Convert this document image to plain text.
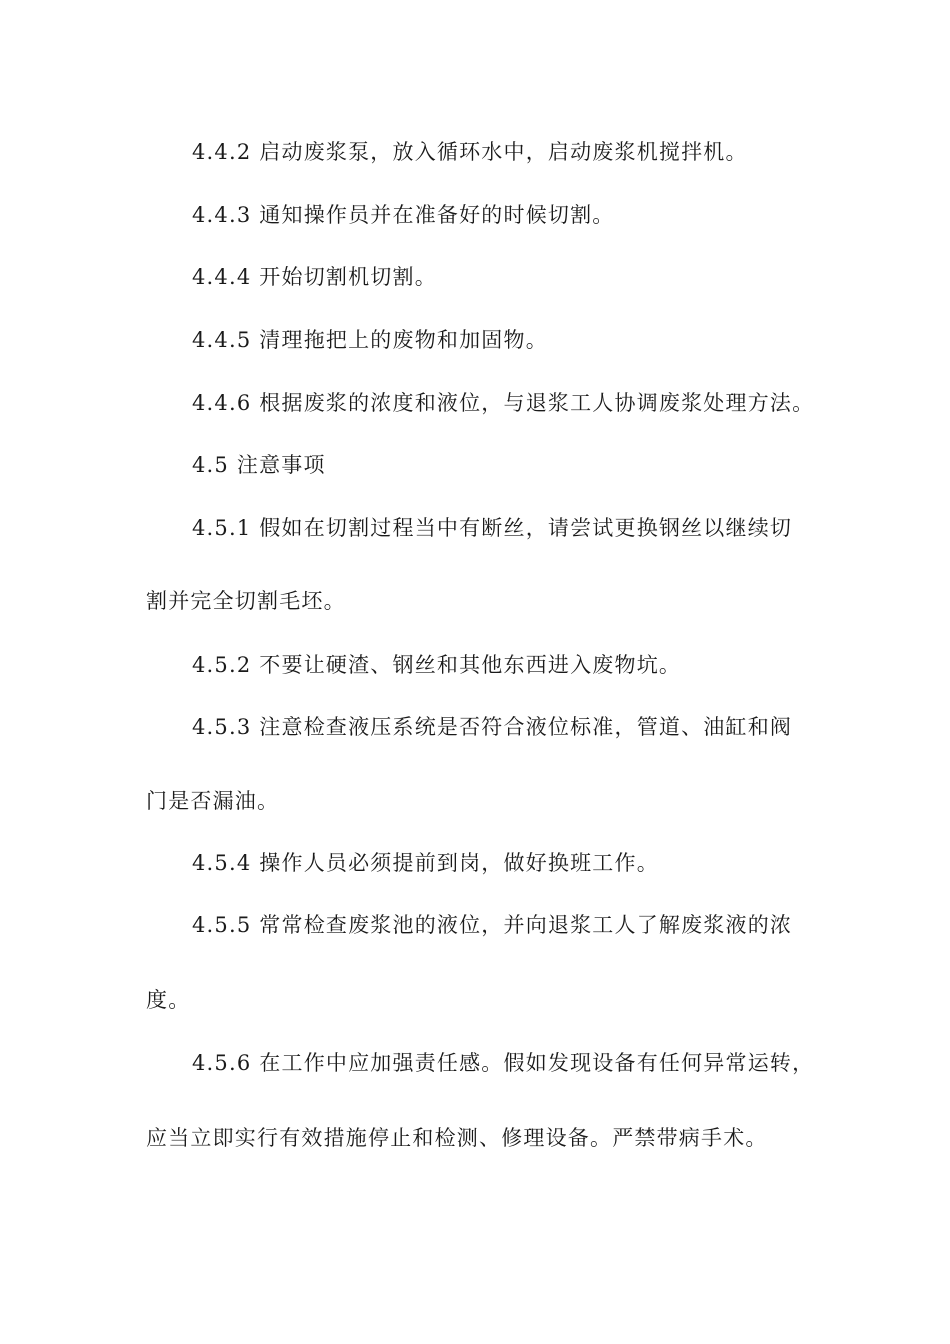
4.4.2 启动废浆泵，放入循环水中，启动废浆机搅拌机。
4.4.3 通知操作员并在准备好的时候切割。
4.4.4 开始切割机切割。
4.4.5 清理拖把上的废物和加固物。
4.4.6 根据废浆的浓度和液位，与退浆工人协调废浆处理方法。
4.5 注意事项
4.5.1 假如在切割过程当中有断丝，请尝试更换钢丝以继续切
割并完全切割毛坯。
4.5.2 不要让硬渣、钢丝和其他东西进入废物坑。
4.5.3 注意检查液压系统是否符合液位标准，管道、油缸和阀
门是否漏油。
4.5.4 操作人员必须提前到岗，做好换班工作。
4.5.5 常常检查废浆池的液位，并向退浆工人了解废浆液的浓
度。
4.5.6 在工作中应加强责任感。假如发现设备有任何异常运转，
应当立即实行有效措施停止和检测、修理设备。严禁带病手术。
